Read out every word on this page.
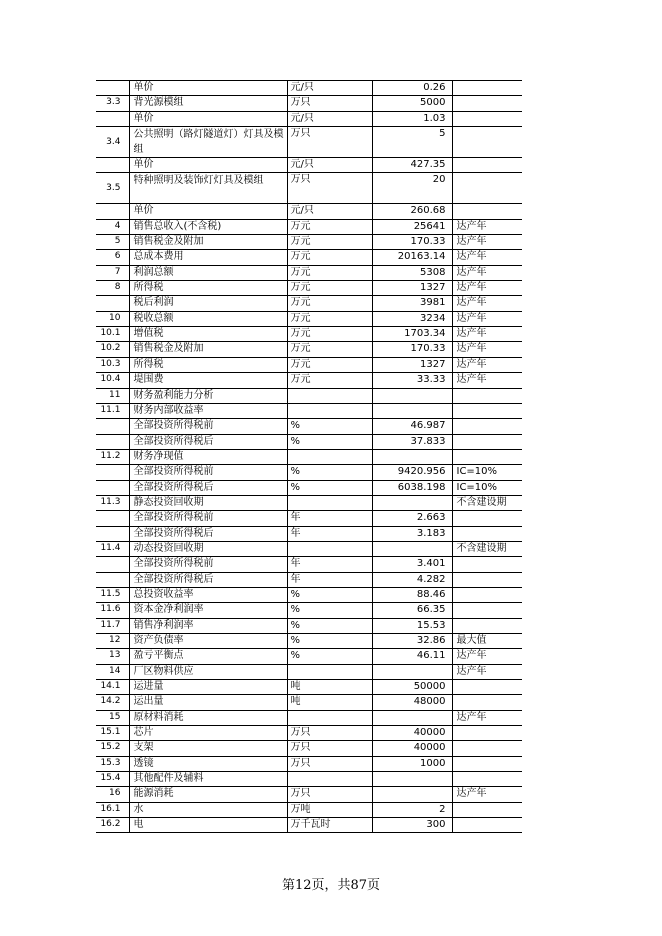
	单价	元/只	0.26	
3.3	背光源模组	万只	5000	
	单价	元/只	1.03	
3.4	公共照明（路灯隧道灯）灯具及模组	万只	5	
	单价	元/只	427.35	
3.5	特种照明及装饰灯灯具及模组	万只	20	
	单价	元/只	260.68	
4	销售总收入(不含税)	万元	25641	达产年
5	销售税金及附加	万元	170.33	达产年
6	总成本费用	万元	20163.14	达产年
7	利润总额	万元	5308	达产年
8	所得税	万元	1327	达产年
	税后利润	万元	3981	达产年
10	税收总额	万元	3234	达产年
10.1	增值税	万元	1703.34	达产年
10.2	销售税金及附加	万元	170.33	达产年
10.3	所得税	万元	1327	达产年
10.4	堤围费	万元	33.33	达产年
11	财务盈利能力分析			
11.1	财务内部收益率			
	全部投资所得税前	%	46.987	
	全部投资所得税后	%	37.833	
11.2	财务净现值			
	全部投资所得税前	%	9420.956	IC=10%
	全部投资所得税后	%	6038.198	IC=10%
11.3	静态投资回收期			不含建设期
	全部投资所得税前	年	2.663	
	全部投资所得税后	年	3.183	
11.4	动态投资回收期			不含建设期
	全部投资所得税前	年	3.401	
	全部投资所得税后	年	4.282	
11.5	总投资收益率	%	88.46	
11.6	资本金净利润率	%	66.35	
11.7	销售净利润率	%	15.53	
12	资产负债率	%	32.86	最大值
13	盈亏平衡点	%	46.11	达产年
14	厂区物料供应			达产年
14.1	运进量	吨	50000	
14.2	运出量	吨	48000	
15	原材料消耗			达产年
15.1	芯片	万只	40000	
15.2	支架	万只	40000	
15.3	透镜	万只	1000	
15.4	其他配件及辅料			
16	能源消耗	万只		达产年
16.1	水	万吨	2	
16.2	电	万千瓦时	300	
第12页，共87页
